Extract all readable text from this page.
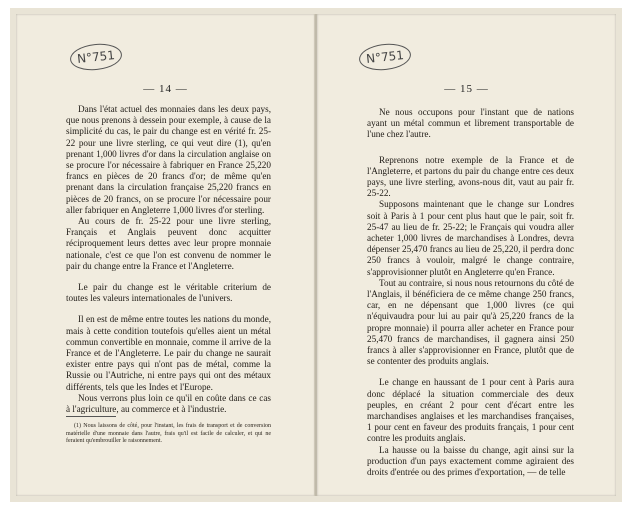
N°751
— 14 —

Dans l'état actuel des monnaies dans les deux pays, que nous prenons à dessein pour exemple, à cause de la simplicité du cas, le pair du change est en vérité fr. 25-22 pour une livre sterling, ce qui veut dire (1), qu'en prenant 1,000 livres d'or dans la circulation anglaise on se procure l'or nécessaire à fabriquer en France 25,220 francs en pièces de 20 francs d'or; de même qu'en prenant dans la circulation française 25,220 francs en pièces de 20 francs, on se procure l'or nécessaire pour aller fabriquer en Angleterre 1,000 livres d'or sterling.

Au cours de fr. 25-22 pour une livre sterling, Français et Anglais peuvent donc acquitter réciproquement leurs dettes avec leur propre monnaie nationale, c'est ce que l'on est convenu de nommer le pair du change entre la France et l'Angleterre.

Le pair du change est le véritable criterium de toutes les valeurs internationales de l'univers.

Il en est de même entre toutes les nations du monde, mais à cette condition toutefois qu'elles aient un métal commun convertible en monnaie, comme il arrive de la France et de l'Angleterre. Le pair du change ne saurait exister entre pays qui n'ont pas de métal, comme la Russie ou l'Autriche, ni entre pays qui ont des métaux différents, tels que les Indes et l'Europe.

Nous verrons plus loin ce qu'il en coûte dans ce cas à l'agriculture, au commerce et à l'industrie.

(1) Nous laissons de côté, pour l'instant, les frais de transport et de conversion matérielle d'une monnaie dans l'autre, frais qu'il est facile de calculer, et qui ne feraient qu'embrouiller le raisonnement.

N°751
— 15 —

Ne nous occupons pour l'instant que de nations ayant un métal commun et librement transportable de l'une chez l'autre.

Reprenons notre exemple de la France et de l'Angleterre, et partons du pair du change entre ces deux pays, une livre sterling, avons-nous dit, vaut au pair fr. 25-22.

Supposons maintenant que le change sur Londres soit à Paris à 1 pour cent plus haut que le pair, soit fr. 25-47 au lieu de fr. 25-22; le Français qui voudra aller acheter 1,000 livres de marchandises à Londres, devra dépenser 25,470 francs au lieu de 25,220, il perdra donc 250 francs à vouloir, malgré le change contraire, s'approvisionner plutôt en Angleterre qu'en France.

Tout au contraire, si nous nous retournons du côté de l'Anglais, il bénéficiera de ce même change 250 francs, car, en ne dépensant que 1,000 livres (ce qui n'équivaudra pour lui au pair qu'à 25,220 francs de la propre monnaie) il pourra aller acheter en France pour 25,470 francs de marchandises, il gagnera ainsi 250 francs à aller s'approvisionner en France, plutôt que de se contenter des produits anglais.

Le change en haussant de 1 pour cent à Paris aura donc déplacé la situation commerciale des deux peuples, en créant 2 pour cent d'écart entre les marchandises anglaises et les marchandises françaises, 1 pour cent en faveur des produits français, 1 pour cent contre les produits anglais.

La hausse ou la baisse du change, agit ainsi sur la production d'un pays exactement comme agiraient des droits d'entrée ou des primes d'exportation, — de telle
